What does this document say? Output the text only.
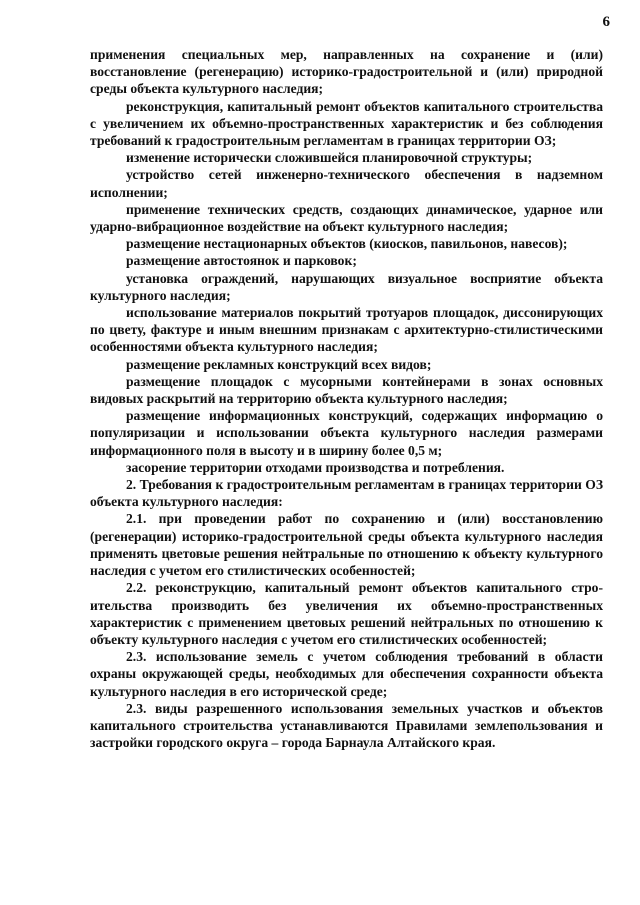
6

применения специальных мер, направленных на сохранение и (или) восстановление (регенерацию) историко-градостроительной и (или) природной среды объекта культурного наследия;

реконструкция, капитальный ремонт объектов капитального строительства с увеличением их объемно-пространственных характеристик и без соблюдения требований к градостроительным регламентам в границах территории ОЗ;

изменение исторически сложившейся планировочной структуры;

устройство сетей инженерно-технического обеспечения в надземном исполнении;

применение технических средств, создающих динамическое, ударное или ударно-вибрационное воздействие на объект культурного наследия;

размещение нестационарных объектов (киосков, павильонов, навесов);

размещение автостоянок и парковок;

установка ограждений, нарушающих визуальное восприятие объекта культурного наследия;

использование материалов покрытий тротуаров площадок, диссонирующих по цвету, фактуре и иным внешним признакам с архитектурно-стилистическими особенностями объекта культурного наследия;

размещение рекламных конструкций всех видов;

размещение площадок с мусорными контейнерами в зонах основных видовых раскрытий на территорию объекта культурного наследия;

размещение информационных конструкций, содержащих информацию о популяризации и использовании объекта культурного наследия размерами информационного поля в высоту и в ширину более 0,5 м;

засорение территории отходами производства и потребления.

2. Требования к градостроительным регламентам в границах территории ОЗ объекта культурного наследия:

2.1. при проведении работ по сохранению и (или) восстановлению (регенерации) историко-градостроительной среды объекта культурного наследия применять цветовые решения нейтральные по отношению к объекту культурного наследия с учетом его стилистических особенностей;

2.2. реконструкцию, капитальный ремонт объектов капитального строительства производить без увеличения их объемно-пространственных характеристик с применением цветовых решений нейтральных по отношению к объекту культурного наследия с учетом его стилистических особенностей;

2.3. использование земель с учетом соблюдения требований в области охраны окружающей среды, необходимых для обеспечения сохранности объекта культурного наследия в его исторической среде;

2.3. виды разрешенного использования земельных участков и объектов капитального строительства устанавливаются Правилами землепользования и застройки городского округа – города Барнаула Алтайского края.
